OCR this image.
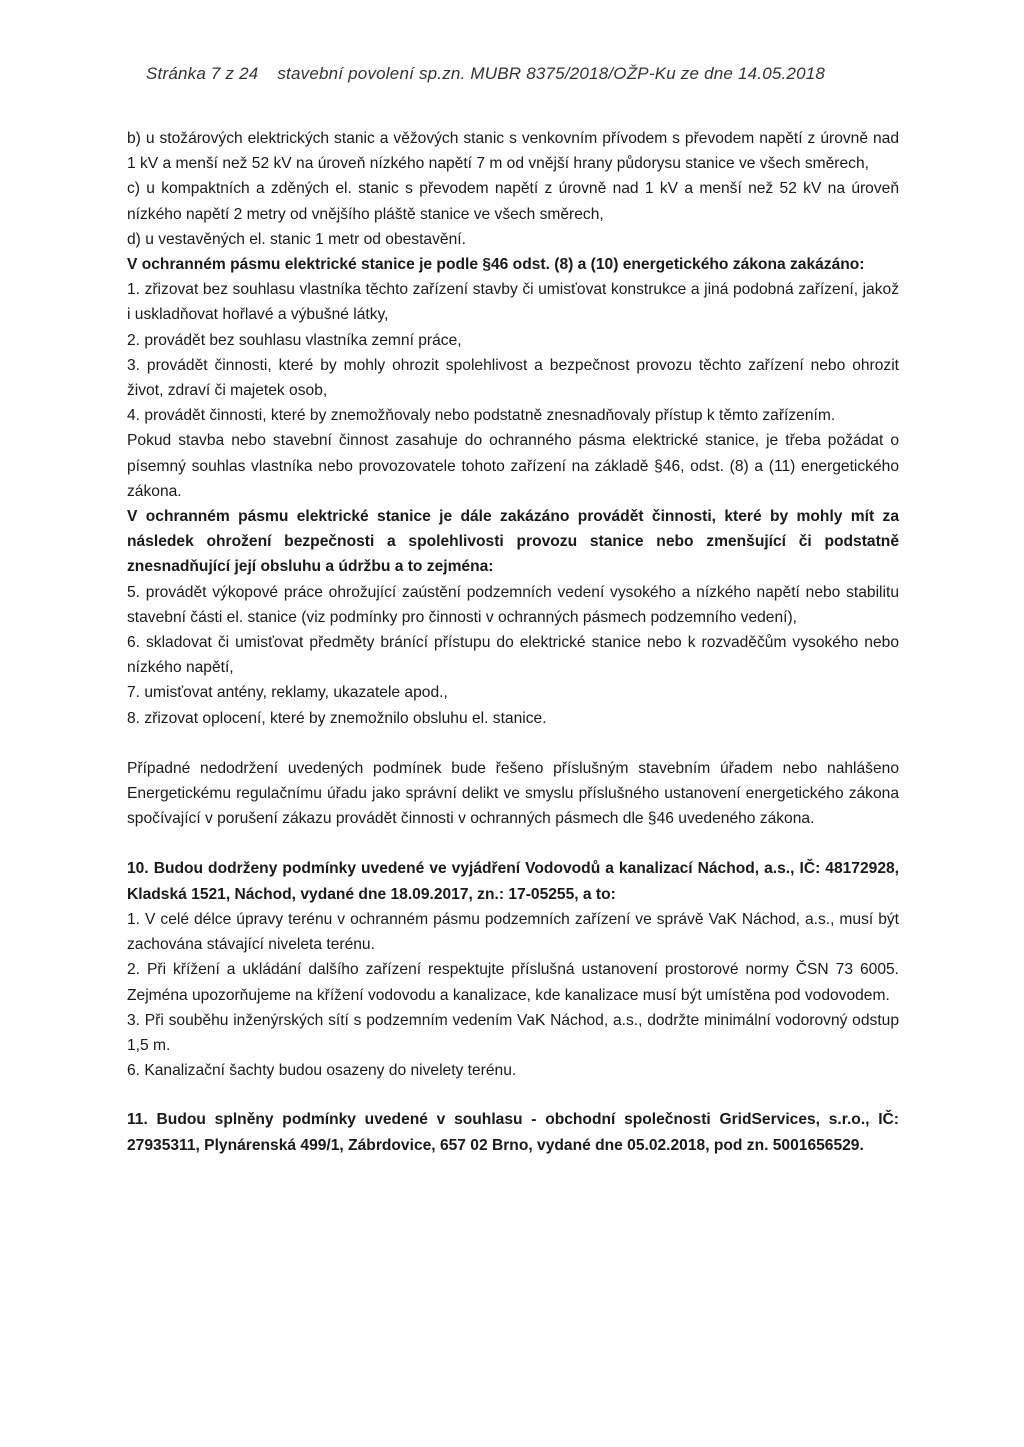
Stránka 7 z 24 stavební povolení sp.zn. MUBR 8375/2018/OŽP-Ku ze dne 14.05.2018

b) u stožárových elektrických stanic a věžových stanic s venkovním přívodem s převodem napětí z úrovně nad 1 kV a menší než 52 kV na úroveň nízkého napětí 7 m od vnější hrany půdorysu stanice ve všech směrech,

c) u kompaktních a zděných el. stanic s převodem napětí z úrovně nad 1 kV a menší než 52 kV na úroveň nízkého napětí 2 metry od vnějšího pláště stanice ve všech směrech,

d) u vestavěných el. stanic 1 metr od obestavění.

V ochranném pásmu elektrické stanice je podle §46 odst. (8) a (10) energetického zákona zakázáno:

1. zřizovat bez souhlasu vlastníka těchto zařízení stavby či umisťovat konstrukce a jiná podobná zařízení, jakož i uskladňovat hořlavé a výbušné látky,

2. provádět bez souhlasu vlastníka zemní práce,

3. provádět činnosti, které by mohly ohrozit spolehlivost a bezpečnost provozu těchto zařízení nebo ohrozit život, zdraví či majetek osob,

4. provádět činnosti, které by znemožňovaly nebo podstatně znesnadňovaly přístup k těmto zařízením.

Pokud stavba nebo stavební činnost zasahuje do ochranného pásma elektrické stanice, je třeba požádat o písemný souhlas vlastníka nebo provozovatele tohoto zařízení na základě §46, odst. (8) a (11) energetického zákona.

V ochranném pásmu elektrické stanice je dále zakázáno provádět činnosti, které by mohly mít za následek ohrožení bezpečnosti a spolehlivosti provozu stanice nebo zmenšující či podstatně znesnadňující její obsluhu a údržbu a to zejména:

5. provádět výkopové práce ohrožující zaústění podzemních vedení vysokého a nízkého napětí nebo stabilitu stavební části el. stanice (viz podmínky pro činnosti v ochranných pásmech podzemního vedení),

6. skladovat či umisťovat předměty bránící přístupu do elektrické stanice nebo k rozvaděčům vysokého nebo nízkého napětí,

7. umisťovat antény, reklamy, ukazatele apod.,

8. zřizovat oplocení, které by znemožnilo obsluhu el. stanice.

Případné nedodržení uvedených podmínek bude řešeno příslušným stavebním úřadem nebo nahlášeno Energetickému regulačnímu úřadu jako správní delikt ve smyslu příslušného ustanovení energetického zákona spočívající v porušení zákazu provádět činnosti v ochranných pásmech dle §46 uvedeného zákona.

10. Budou dodrženy podmínky uvedené ve vyjádření Vodovodů a kanalizací Náchod, a.s., IČ: 48172928, Kladská 1521, Náchod, vydané dne 18.09.2017, zn.: 17-05255, a to:

1. V celé délce úpravy terénu v ochranném pásmu podzemních zařízení ve správě VaK Náchod, a.s., musí být zachována stávající niveleta terénu.

2. Při křížení a ukládání dalšího zařízení respektujte příslušná ustanovení prostorové normy ČSN 73 6005. Zejména upozorňujeme na křížení vodovodu a kanalizace, kde kanalizace musí být umístěna pod vodovodem.

3. Při souběhu inženýrských sítí s podzemním vedením VaK Náchod, a.s., dodržte minimální vodorovný odstup 1,5 m.

6. Kanalizační šachty budou osazeny do nivelety terénu.

11. Budou splněny podmínky uvedené v souhlasu - obchodní společnosti GridServices, s.r.o., IČ: 27935311, Plynárenská 499/1, Zábrdovice, 657 02 Brno, vydané dne 05.02.2018, pod zn. 5001656529.
